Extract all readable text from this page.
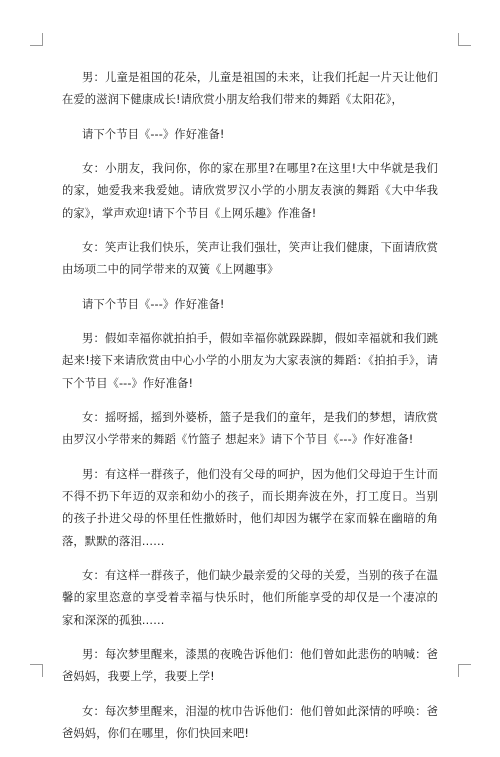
男：儿童是祖国的花朵，儿童是祖国的未来，让我们托起一片天让他们在爱的滋润下健康成长!请欣赏小朋友给我们带来的舞蹈《太阳花》，

请下个节目《---》作好准备!

女：小朋友，我问你，你的家在那里?在哪里?在这里!大中华就是我们的家，她爱我来我爱她。请欣赏罗汉小学的小朋友表演的舞蹈《大中华我的家》，掌声欢迎!请下个节目《上网乐趣》作准备!

女：笑声让我们快乐，笑声让我们强壮，笑声让我们健康，下面请欣赏由场项二中的同学带来的双簧《上网趣事》

请下个节目《---》作好准备!

男：假如幸福你就拍拍手，假如幸福你就跺跺脚，假如幸福就和我们跳起来!接下来请欣赏由中心小学的小朋友为大家表演的舞蹈：《拍拍手》，请下个节目《---》作好准备!

女：摇呀摇，摇到外婆桥，篮子是我们的童年，是我们的梦想，请欣赏由罗汉小学带来的舞蹈《竹篮子 想起来》请下个节目《---》作好准备!

男：有这样一群孩子，他们没有父母的呵护，因为他们父母迫于生计而不得不扔下年迈的双亲和幼小的孩子，而长期奔波在外，打工度日。当别的孩子扑进父母的怀里任性撒娇时，他们却因为辗学在家而躲在幽暗的角落，默默的落泪……

女：有这样一群孩子，他们缺少最亲爱的父母的关爱，当别的孩子在温馨的家里恣意的享受着幸福与快乐时，他们所能享受的却仅是一个凄凉的家和深深的孤独……

男：每次梦里醒来，漆黑的夜晚告诉他们：他们曾如此悲伤的呐喊：爸爸妈妈，我要上学，我要上学!

女：每次梦里醒来，泪湿的枕巾告诉他们：他们曾如此深情的呼唤：爸爸妈妈，你们在哪里，你们快回来吧!
